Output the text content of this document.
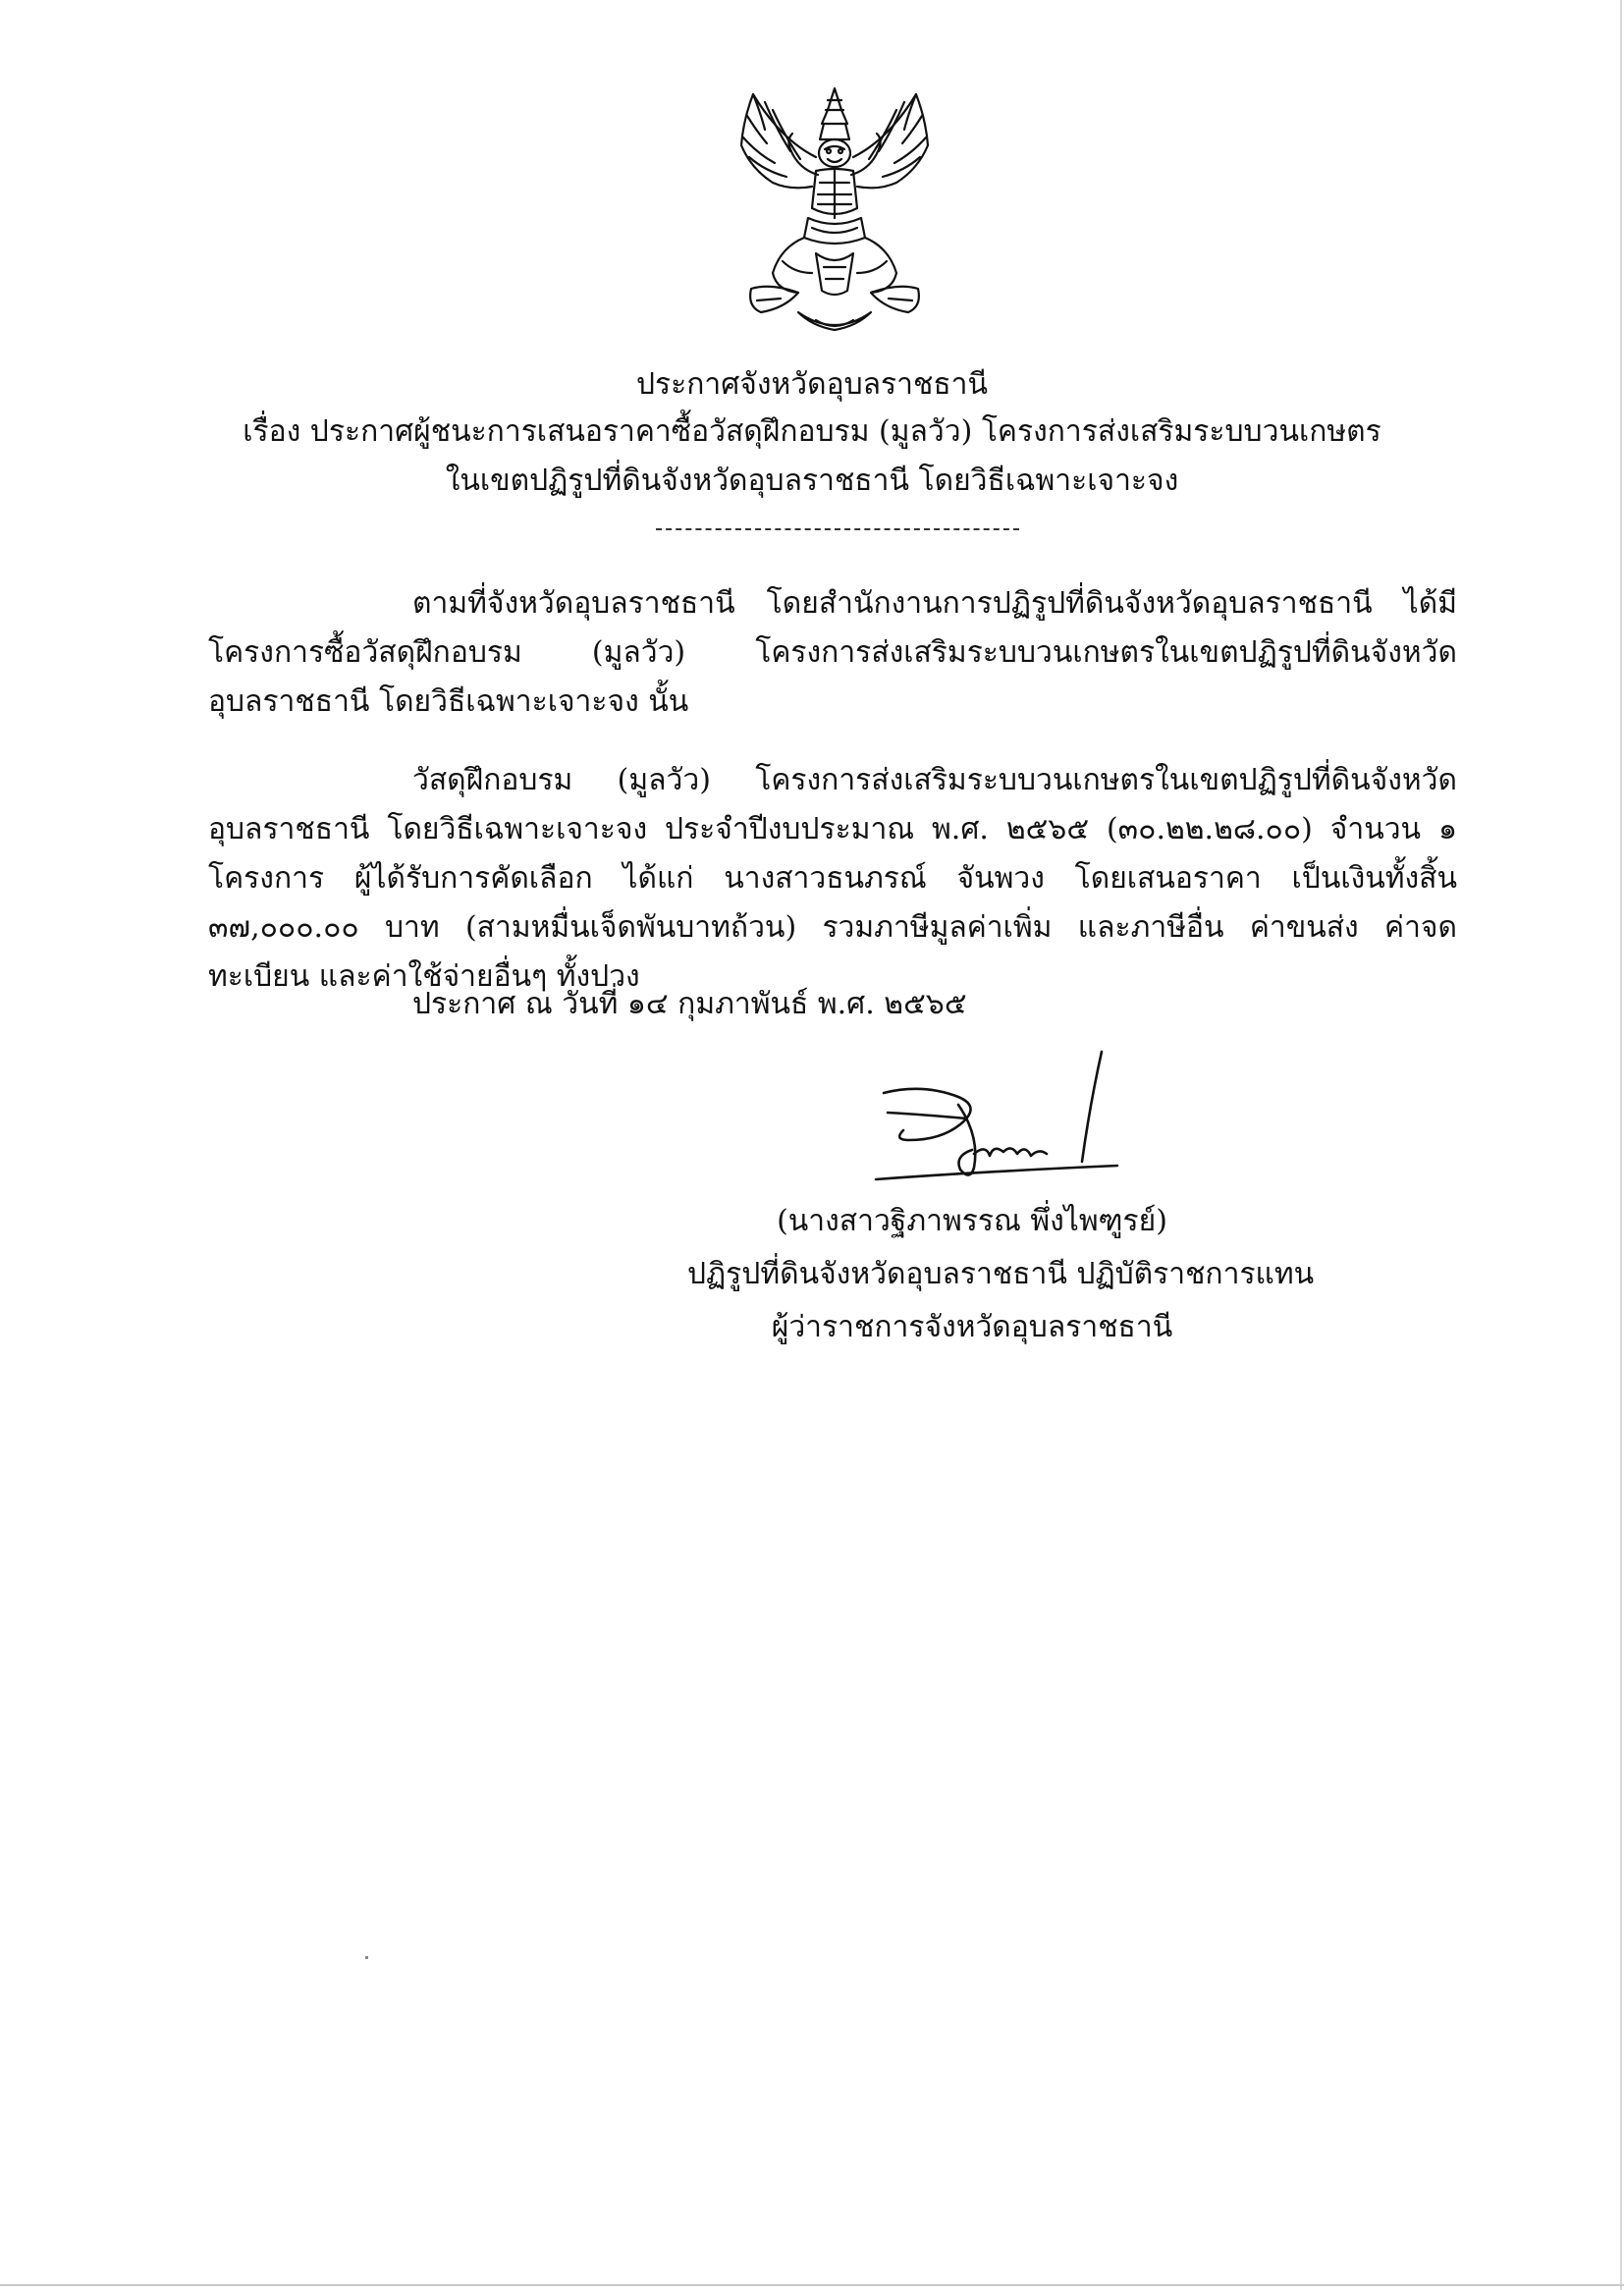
ประกาศจังหวัดอุบลราชธานี
เรื่อง ประกาศผู้ชนะการเสนอราคาซื้อวัสดุฝึกอบรม (มูลวัว) โครงการส่งเสริมระบบวนเกษตร
ในเขตปฏิรูปที่ดินจังหวัดอุบลราชธานี โดยวิธีเฉพาะเจาะจง
ตามที่จังหวัดอุบลราชธานี โดยสำนักงานการปฏิรูปที่ดินจังหวัดอุบลราชธานี ได้มีโครงการซื้อวัสดุฝึกอบรม (มูลวัว) โครงการส่งเสริมระบบวนเกษตรในเขตปฏิรูปที่ดินจังหวัดอุบลราชธานี โดยวิธีเฉพาะเจาะจง นั้น
วัสดุฝึกอบรม (มูลวัว) โครงการส่งเสริมระบบวนเกษตรในเขตปฏิรูปที่ดินจังหวัดอุบลราชธานี โดยวิธีเฉพาะเจาะจง ประจำปีงบประมาณ พ.ศ. ๒๕๖๕ (๓๐.๒๒.๒๘.๐๐) จำนวน ๑ โครงการ ผู้ได้รับการคัดเลือก ได้แก่ นางสาวธนภรณ์ จันพวง โดยเสนอราคา เป็นเงินทั้งสิ้น ๓๗,๐๐๐.๐๐ บาท (สามหมื่นเจ็ดพันบาทถ้วน) รวมภาษีมูลค่าเพิ่ม และภาษีอื่น ค่าขนส่ง ค่าจดทะเบียน และค่าใช้จ่ายอื่นๆ ทั้งปวง
ประกาศ ณ วันที่ ๑๔ กุมภาพันธ์ พ.ศ. ๒๕๖๕
(นางสาวฐิภาพรรณ พึ่งไพฑูรย์)
ปฏิรูปที่ดินจังหวัดอุบลราชธานี ปฏิบัติราชการแทน
ผู้ว่าราชการจังหวัดอุบลราชธานี
